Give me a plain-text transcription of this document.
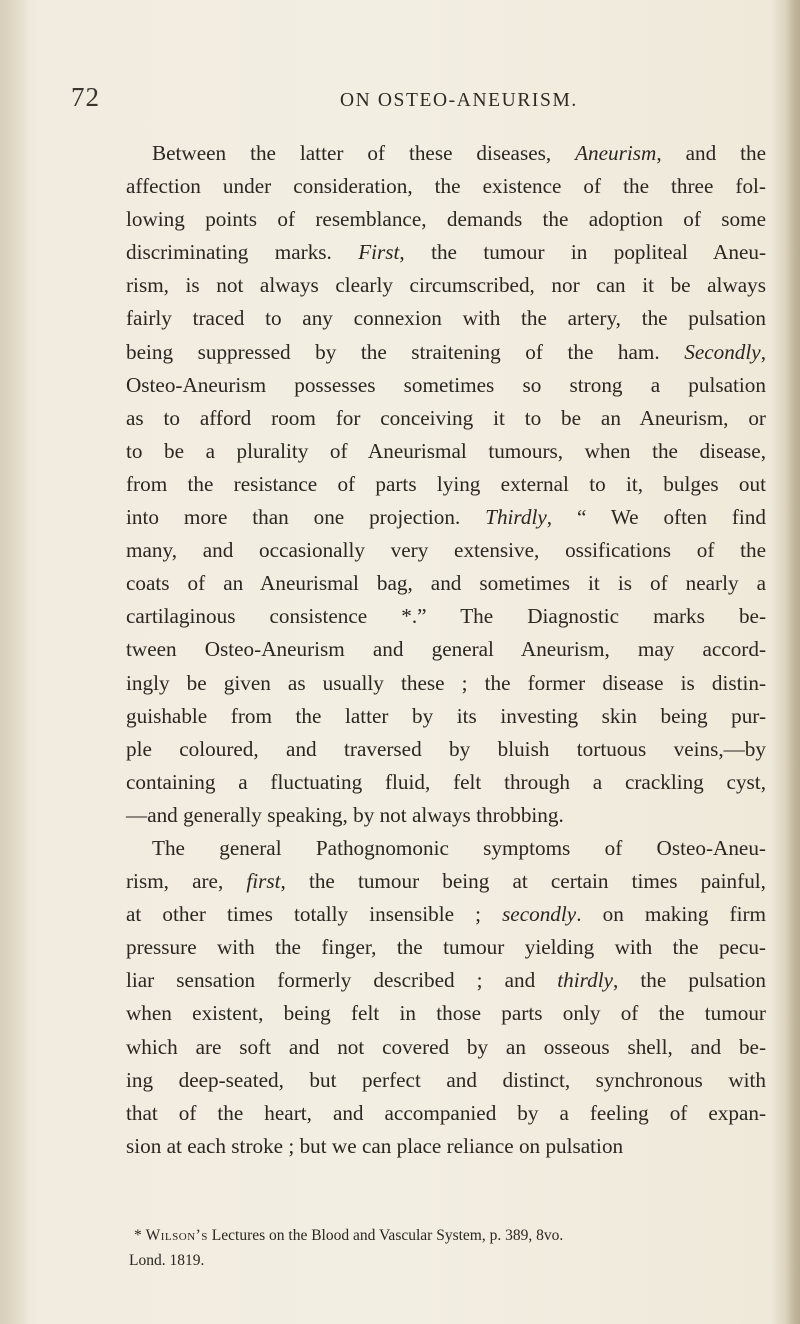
72	ON OSTEO-ANEURISM.
Between the latter of these diseases, Aneurism, and the
affection under consideration, the existence of the three fol-
lowing points of resemblance, demands the adoption of some
discriminating marks. First, the tumour in popliteal Aneu-
rism, is not always clearly circumscribed, nor can it be always
fairly traced to any connexion with the artery, the pulsation
being suppressed by the straitening of the ham. Secondly,
Osteo-Aneurism possesses sometimes so strong a pulsation
as to afford room for conceiving it to be an Aneurism, or
to be a plurality of Aneurismal tumours, when the disease,
from the resistance of parts lying external to it, bulges out
into more than one projection. Thirdly, “ We often find
many, and occasionally very extensive, ossifications of the
coats of an Aneurismal bag, and sometimes it is of nearly a
cartilaginous consistence *.” The Diagnostic marks be-
tween Osteo-Aneurism and general Aneurism, may accord-
ingly be given as usually these ; the former disease is distin-
guishable from the latter by its investing skin being pur-
ple coloured, and traversed by bluish tortuous veins,—by
containing a fluctuating fluid, felt through a crackling cyst,
—and generally speaking, by not always throbbing.
The general Pathognomonic symptoms of Osteo-Aneu-
rism, are, first, the tumour being at certain times painful,
at other times totally insensible ; secondly. on making firm
pressure with the finger, the tumour yielding with the pecu-
liar sensation formerly described ; and thirdly, the pulsation
when existent, being felt in those parts only of the tumour
which are soft and not covered by an osseous shell, and be-
ing deep-seated, but perfect and distinct, synchronous with
that of the heart, and accompanied by a feeling of expan-
sion at each stroke ; but we can place reliance on pulsation
* Wilson’s Lectures on the Blood and Vascular System, p. 389, 8vo.
Lond. 1819.
